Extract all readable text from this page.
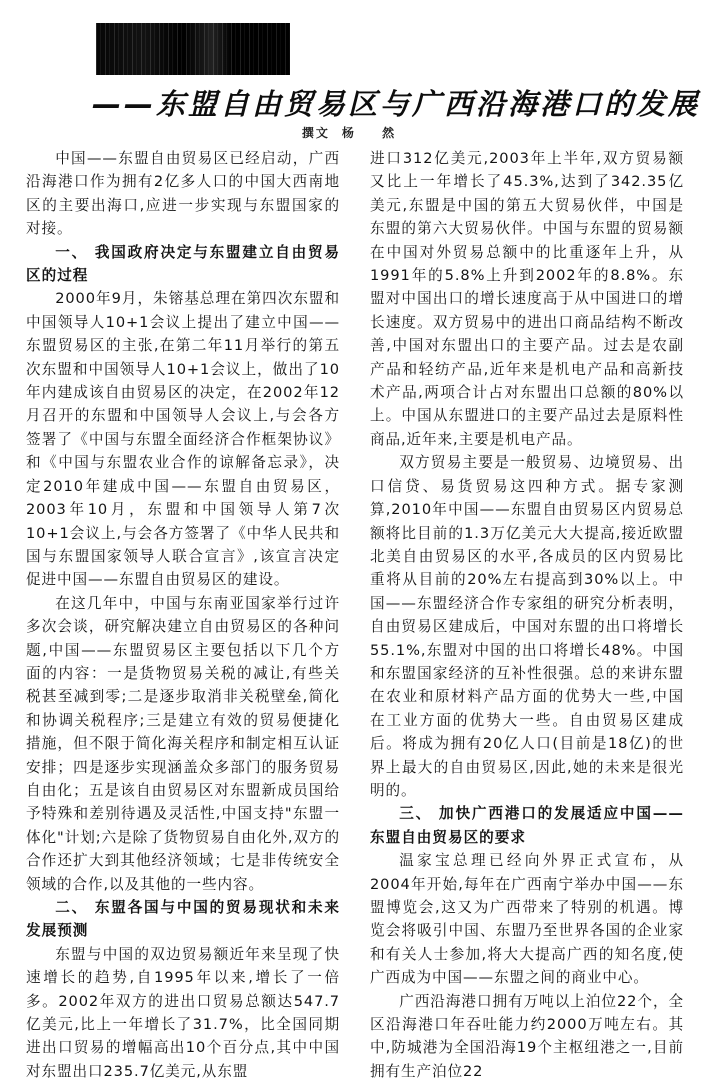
——东盟自由贸易区与广西沿海港口的发展
撰文 杨 然

中国——东盟自由贸易区已经启动，广西沿海港口作为拥有2亿多人口的中国大西南地区的主要出海口,应进一步实现与东盟国家的对接。

一、 我国政府决定与东盟建立自由贸易区的过程

2000年9月，朱镕基总理在第四次东盟和中国领导人10+1会议上提出了建立中国——东盟贸易区的主张,在第二年11月举行的第五次东盟和中国领导人10+1会议上，做出了10年内建成该自由贸易区的决定，在2002年12月召开的东盟和中国领导人会议上,与会各方签署了《中国与东盟全面经济合作框架协议》和《中国与东盟农业合作的谅解备忘录》，决定2010年建成中国——东盟自由贸易区，2003年10月，东盟和中国领导人第7次10+1会议上,与会各方签署了《中华人民共和国与东盟国家领导人联合宣言》,该宣言决定促进中国——东盟自由贸易区的建设。

在这几年中，中国与东南亚国家举行过许多次会谈，研究解决建立自由贸易区的各种问题,中国——东盟贸易区主要包括以下几个方面的内容：一是货物贸易关税的减让,有些关税甚至减到零;二是逐步取消非关税壁垒,简化和协调关税程序;三是建立有效的贸易便捷化措施，但不限于简化海关程序和制定相互认证安排；四是逐步实现涵盖众多部门的服务贸易自由化；五是该自由贸易区对东盟新成员国给予特殊和差别待遇及灵活性,中国支持"东盟一体化"计划;六是除了货物贸易自由化外,双方的合作还扩大到其他经济领域；七是非传统安全领域的合作,以及其他的一些内容。

二、 东盟各国与中国的贸易现状和未来发展预测

东盟与中国的双边贸易额近年来呈现了快速增长的趋势,自1995年以来,增长了一倍多。2002年双方的进出口贸易总额达547.7亿美元,比上一年增长了31.7%，比全国同期进出口贸易的增幅高出10个百分点,其中中国对东盟出口235.7亿美元,从东盟

进口312亿美元,2003年上半年,双方贸易额又比上一年增长了45.3%,达到了342.35亿美元,东盟是中国的第五大贸易伙伴，中国是东盟的第六大贸易伙伴。中国与东盟的贸易额在中国对外贸易总额中的比重逐年上升，从1991年的5.8%上升到2002年的8.8%。东盟对中国出口的增长速度高于从中国进口的增长速度。双方贸易中的进出口商品结构不断改善,中国对东盟出口的主要产品。过去是农副产品和轻纺产品,近年来是机电产品和高新技术产品,两项合计占对东盟出口总额的80%以上。中国从东盟进口的主要产品过去是原料性商品,近年来,主要是机电产品。

双方贸易主要是一般贸易、边境贸易、出口信贷、易货贸易这四种方式。据专家测算,2010年中国——东盟自由贸易区内贸易总额将比目前的1.3万亿美元大大提高,接近欧盟北美自由贸易区的水平,各成员的区内贸易比重将从目前的20%左右提高到30%以上。中国——东盟经济合作专家组的研究分析表明，自由贸易区建成后，中国对东盟的出口将增长55.1%,东盟对中国的出口将增长48%。中国和东盟国家经济的互补性很强。总的来讲东盟在农业和原材料产品方面的优势大一些,中国在工业方面的优势大一些。自由贸易区建成后。将成为拥有20亿人口(目前是18亿)的世界上最大的自由贸易区,因此,她的未来是很光明的。

三、 加快广西港口的发展适应中国——东盟自由贸易区的要求

温家宝总理已经向外界正式宣布，从2004年开始,每年在广西南宁举办中国——东盟博览会,这又为广西带来了特别的机遇。博览会将吸引中国、东盟乃至世界各国的企业家和有关人士参加,将大大提高广西的知名度,使广西成为中国——东盟之间的商业中心。

广西沿海港口拥有万吨以上泊位22个，全区沿海港口年吞吐能力约2000万吨左右。其中,防城港为全国沿海19个主枢纽港之一,目前拥有生产泊位22
